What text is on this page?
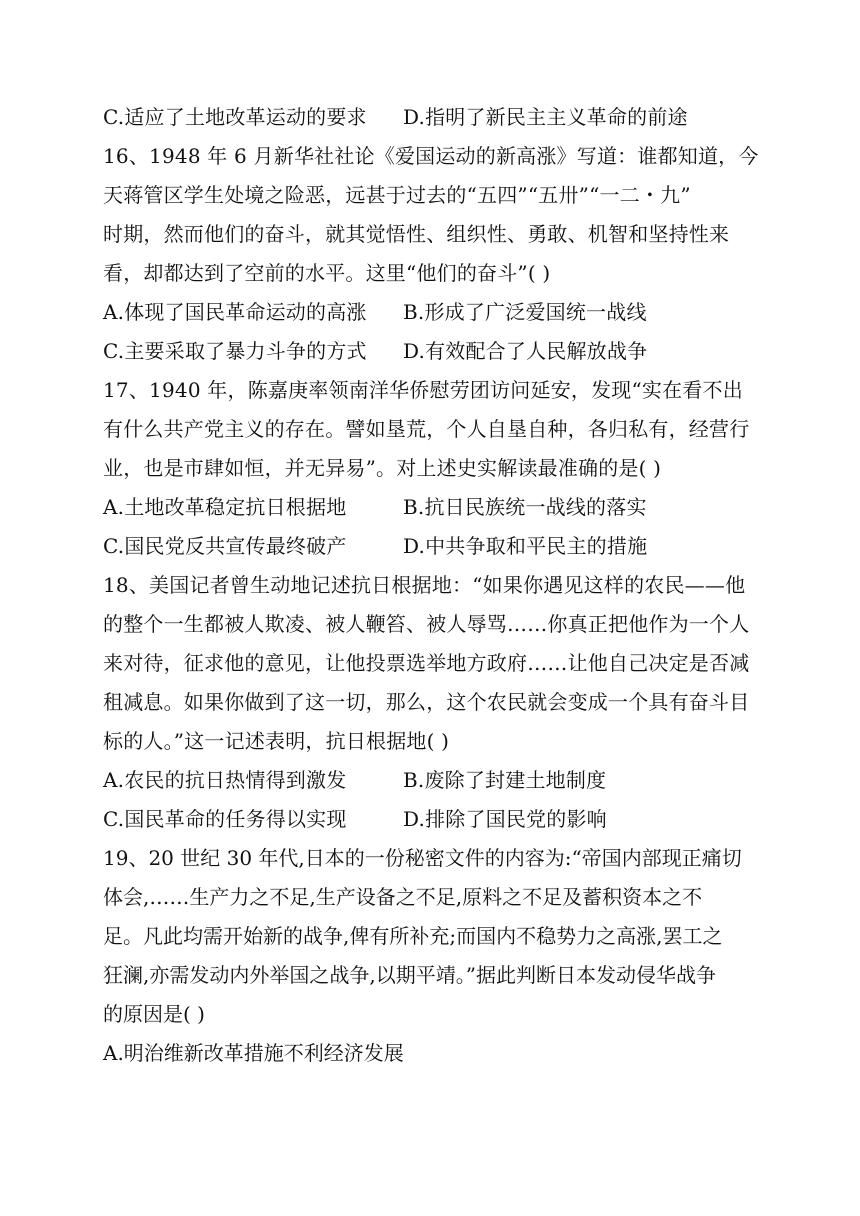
C.适应了土地改革运动的要求 D.指明了新民主主义革命的前途
16、1948 年 6 月新华社社论《爱国运动的新高涨》写道：谁都知道，今
天蒋管区学生处境之险恶，远甚于过去的“五四”“五卅”“一二・九”
时期，然而他们的奋斗，就其觉悟性、组织性、勇敢、机智和坚持性来
看，却都达到了空前的水平。这里“他们的奋斗”( )
A.体现了国民革命运动的高涨 B.形成了广泛爱国统一战线
C.主要采取了暴力斗争的方式 D.有效配合了人民解放战争
17、1940 年，陈嘉庚率领南洋华侨慰劳团访问延安，发现“实在看不出
有什么共产党主义的存在。譬如垦荒，个人自垦自种，各归私有，经营行
业，也是市肆如恒，并无异易”。对上述史实解读最准确的是( )
A.土地改革稳定抗日根据地	B.抗日民族统一战线的落实
C.国民党反共宣传最终破产	D.中共争取和平民主的措施
18、美国记者曾生动地记述抗日根据地：“如果你遇见这样的农民——他
的整个一生都被人欺凌、被人鞭笞、被人辱骂……你真正把他作为一个人
来对待，征求他的意见，让他投票选举地方政府……让他自己决定是否减
租减息。如果你做到了这一切，那么，这个农民就会变成一个具有奋斗目
标的人。”这一记述表明，抗日根据地( )
A.农民的抗日热情得到激发	B.废除了封建土地制度
C.国民革命的任务得以实现	D.排除了国民党的影响
19、20 世纪 30 年代,日本的一份秘密文件的内容为:“帝国内部现正痛切
体会,……生产力之不足,生产设备之不足,原料之不足及蓄积资本之不
足。凡此均需开始新的战争,俾有所补充;而国内不稳势力之高涨,罢工之
狂澜,亦需发动内外举国之战争,以期平靖。”据此判断日本发动侵华战争
的原因是( )
A.明治维新改革措施不利经济发展
